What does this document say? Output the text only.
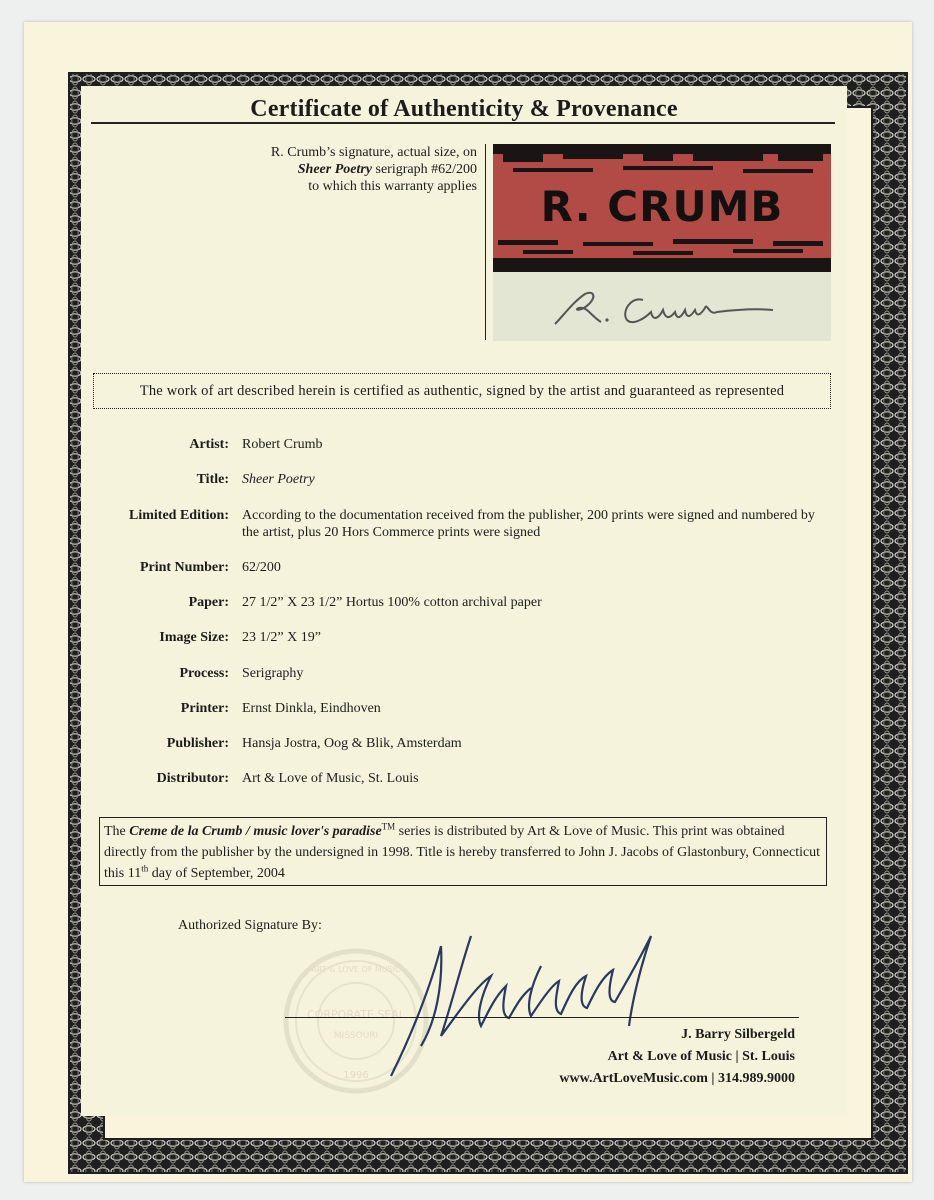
Certificate of Authenticity & Provenance
R. Crumb’s signature, actual size, on
Sheer Poetry serigraph #62/200
to which this warranty applies	R. CRUMB
The work of art described herein is certified as authentic, signed by the artist and guaranteed as represented
Artist: Robert Crumb
Title: Sheer Poetry
Limited Edition: According to the documentation received from the publisher, 200 prints were signed and numbered by the artist, plus 20 Hors Commerce prints were signed
Print Number: 62/200
Paper: 27 1/2” X 23 1/2” Hortus 100% cotton archival paper
Image Size: 23 1/2” X 19”
Process: Serigraphy
Printer: Ernst Dinkla, Eindhoven
Publisher: Hansja Jostra, Oog & Blik, Amsterdam
Distributor: Art & Love of Music, St. Louis
The Creme de la Crumb / music lover's paradise™ series is distributed by Art & Love of Music. This print was obtained directly from the publisher by the undersigned in 1998. Title is hereby transferred to John J. Jacobs of Glastonbury, Connecticut this 11th day of September, 2004
Authorized Signature By:
CORPORATE SEAL
MISSOURI
1996
ART & LOVE OF MUSIC
J. Barry Silbergeld
Art & Love of Music | St. Louis
www.ArtLoveMusic.com | 314.989.9000
